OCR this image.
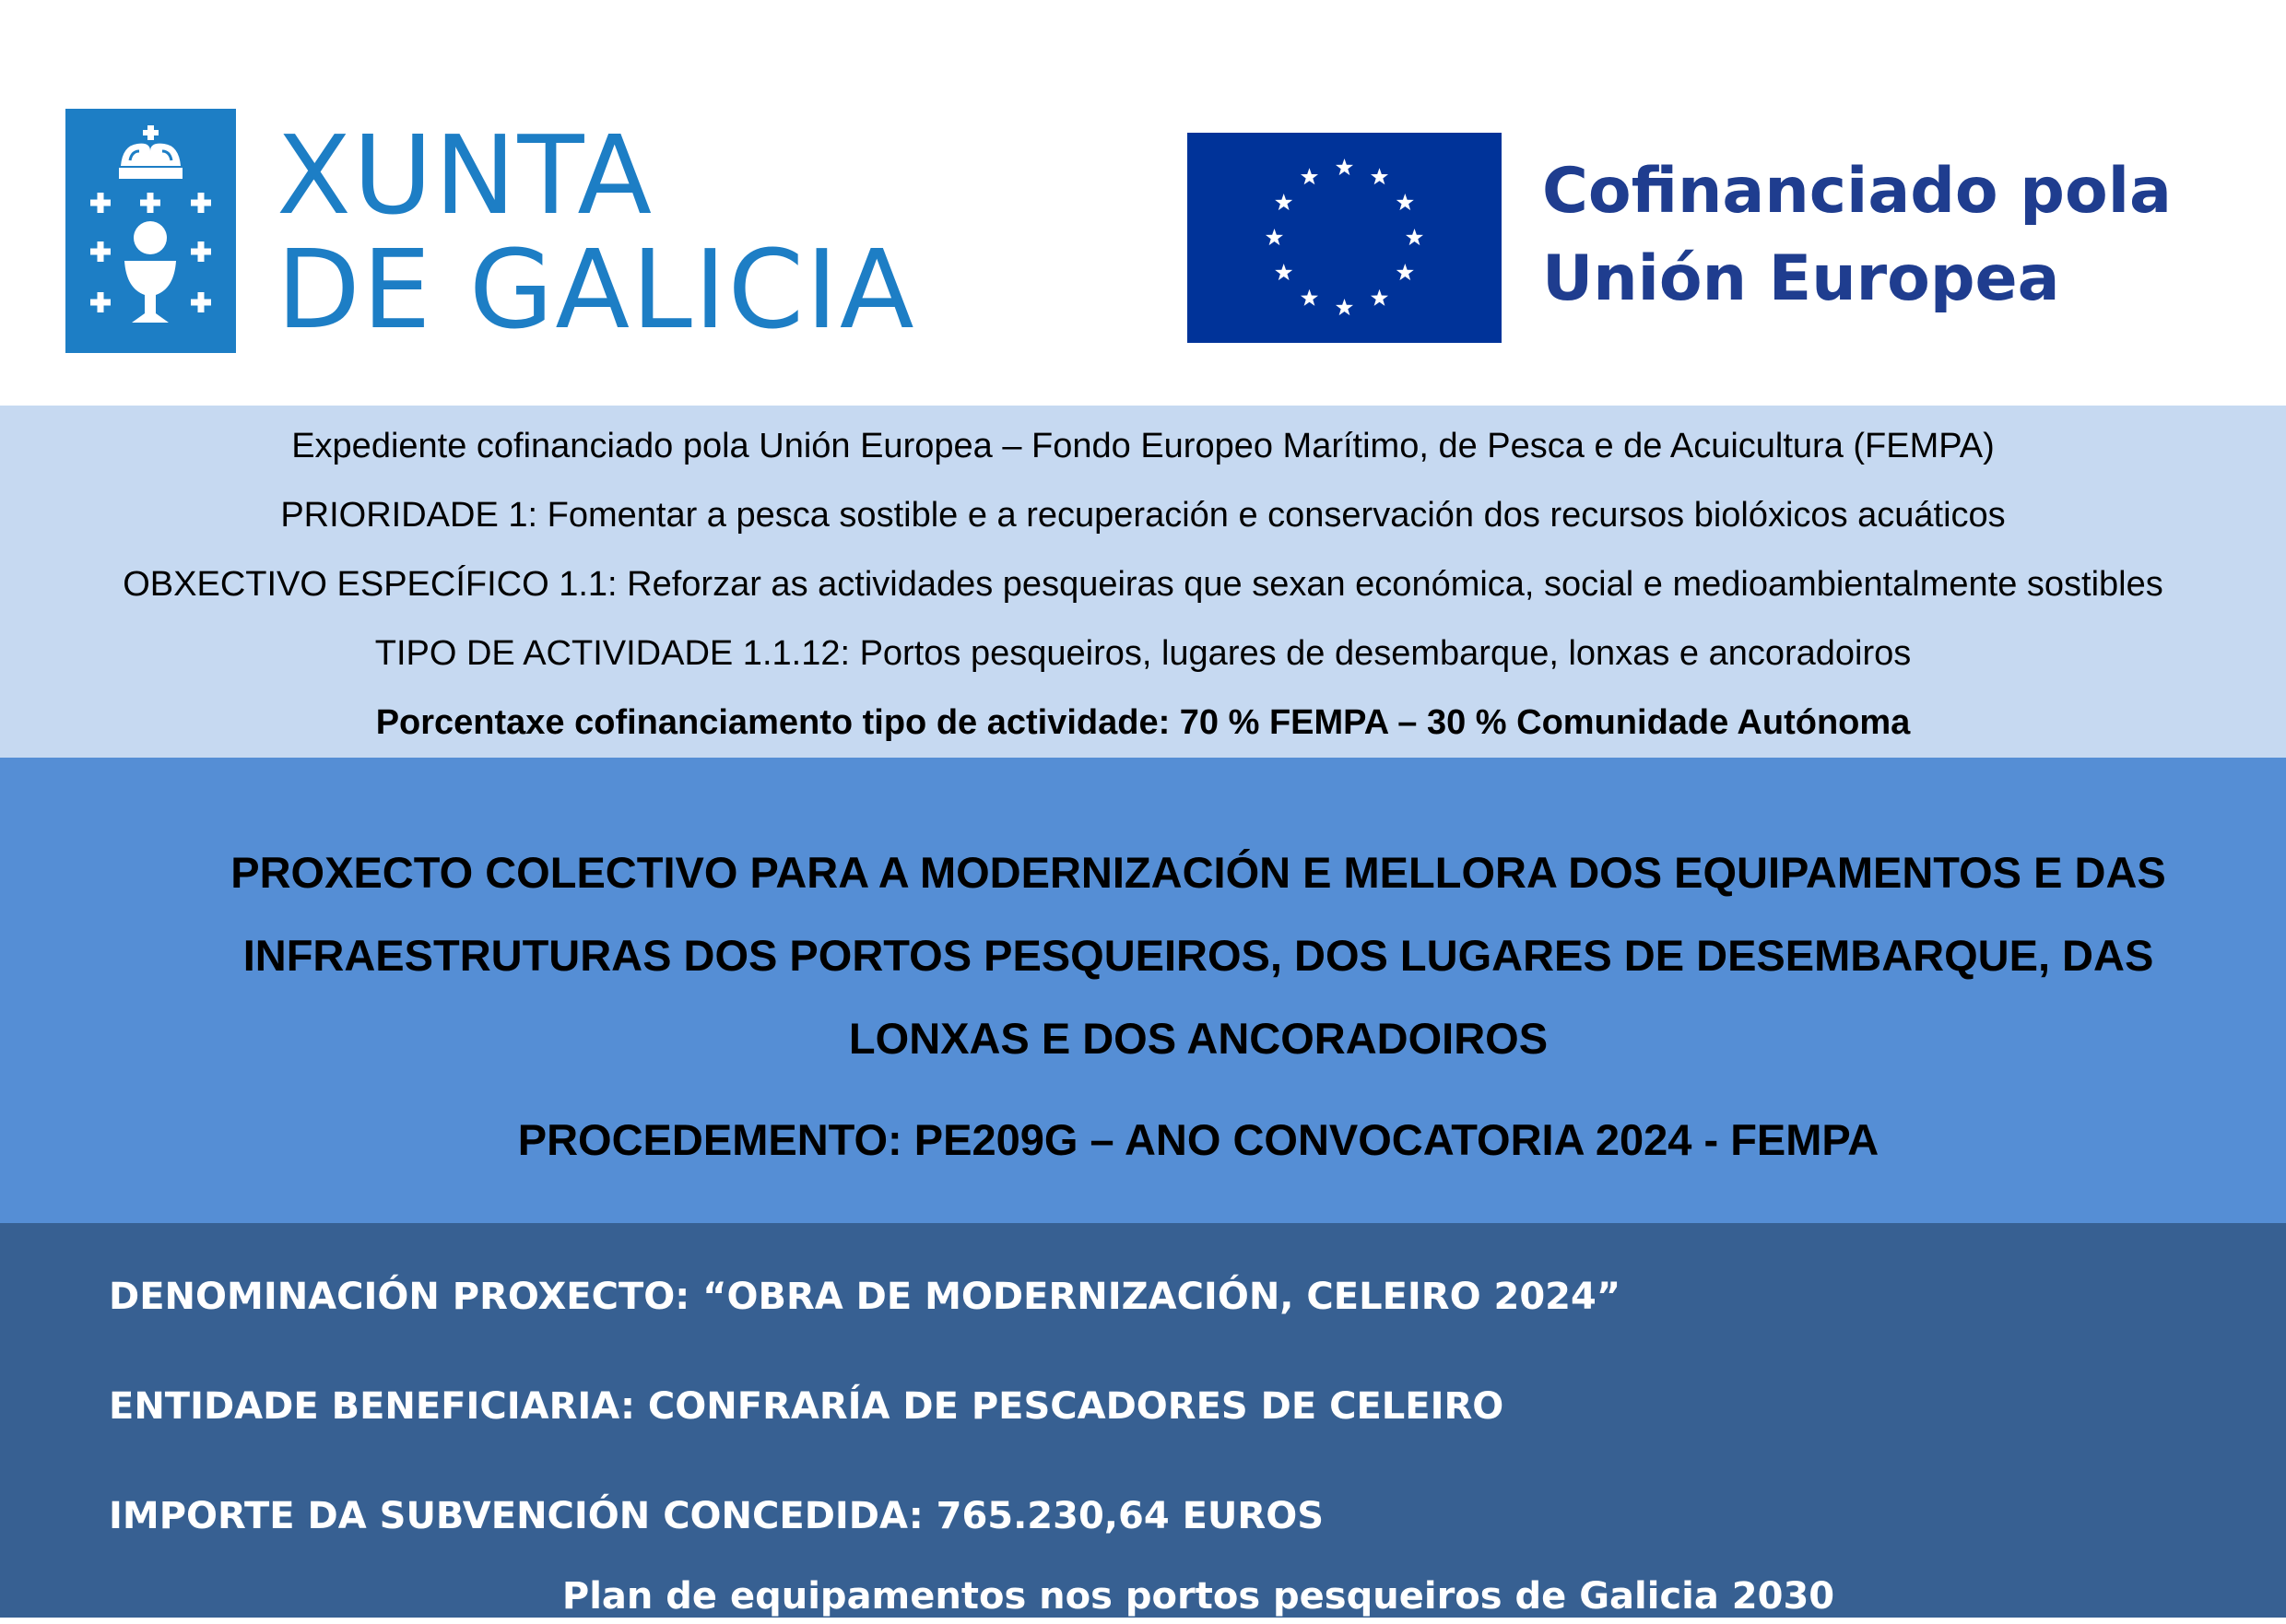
XUNTA
DE GALICIA
Cofinanciado pola
Unión Europea
Expediente cofinanciado pola Unión Europea – Fondo Europeo Marítimo, de Pesca e de Acuicultura (FEMPA)
PRIORIDADE 1: Fomentar a pesca sostible e a recuperación e conservación dos recursos biolóxicos acuáticos
OBXECTIVO ESPECÍFICO 1.1: Reforzar as actividades pesqueiras que sexan económica, social e medioambientalmente sostibles
TIPO DE ACTIVIDADE 1.1.12: Portos pesqueiros, lugares de desembarque, lonxas e ancoradoiros
Porcentaxe cofinanciamento tipo de actividade: 70 % FEMPA – 30 % Comunidade Autónoma
PROXECTO COLECTIVO PARA A MODERNIZACIÓN E MELLORA DOS EQUIPAMENTOS E DAS INFRAESTRUTURAS DOS PORTOS PESQUEIROS, DOS LUGARES DE DESEMBARQUE, DAS LONXAS E DOS ANCORADOIROS
PROCEDEMENTO: PE209G – ANO CONVOCATORIA 2024 - FEMPA
DENOMINACIÓN PROXECTO: “OBRA DE MODERNIZACIÓN, CELEIRO 2024”
ENTIDADE BENEFICIARIA: CONFRARÍA DE PESCADORES DE CELEIRO
IMPORTE DA SUBVENCIÓN CONCEDIDA: 765.230,64 EUROS
Plan de equipamentos nos portos pesqueiros de Galicia 2030
